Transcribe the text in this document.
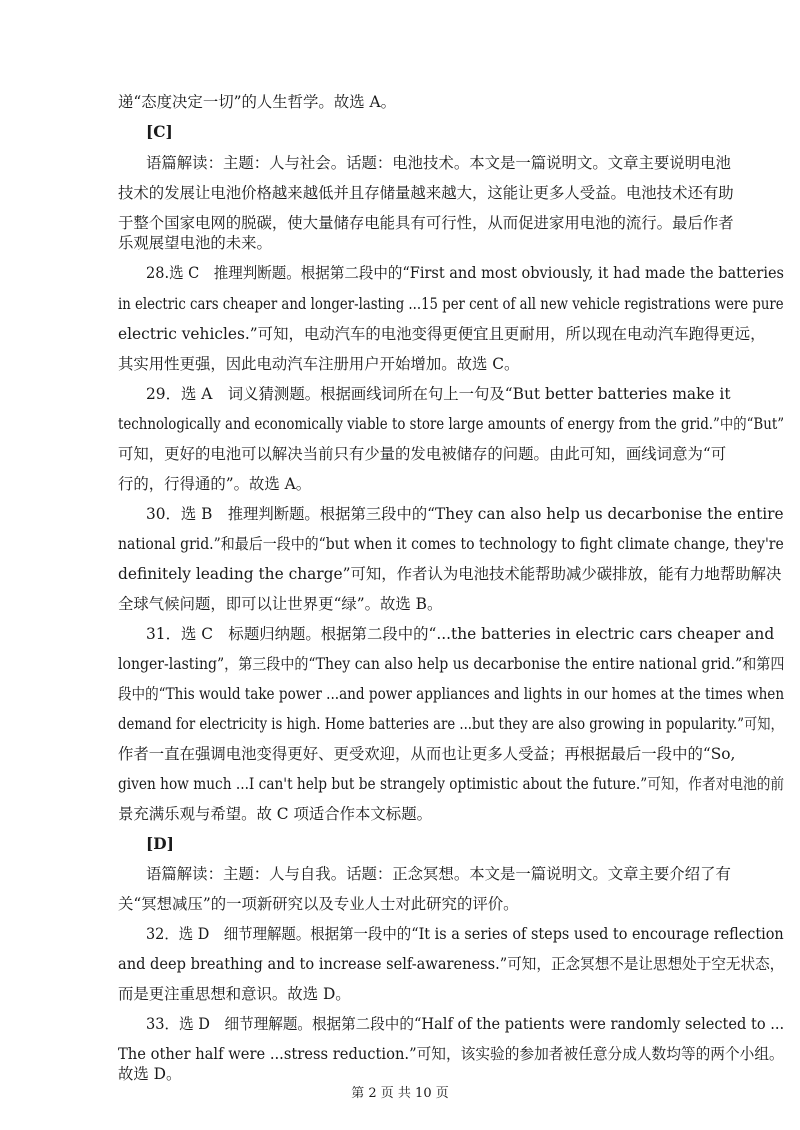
递“态度决定一切”的人生哲学。故选 A。
[C]
语篇解读：主题：人与社会。话题：电池技术。本文是一篇说明文。文章主要说明电池
技术的发展让电池价格越来越低并且存储量越来越大，这能让更多人受益。电池技术还有助
于整个国家电网的脱碳，使大量储存电能具有可行性，从而促进家用电池的流行。最后作者
乐观展望电池的未来。
28.选 C　推理判断题。根据第二段中的“First and most obviously, it had made the batteries
in electric cars cheaper and longer-lasting ...15 per cent of all new vehicle registrations were pure
electric vehicles.”可知，电动汽车的电池变得更便宜且更耐用，所以现在电动汽车跑得更远，
其实用性更强，因此电动汽车注册用户开始增加。故选 C。
29．选 A　词义猜测题。根据画线词所在句上一句及“But better batteries make it
technologically and economically viable to store large amounts of energy from the grid.”中的“But”
可知，更好的电池可以解决当前只有少量的发电被储存的问题。由此可知，画线词意为“可
行的，行得通的”。故选 A。
30．选 B　推理判断题。根据第三段中的“They can also help us decarbonise the entire
national grid.”和最后一段中的“but when it comes to technology to fight climate change, they're
definitely leading the charge”可知，作者认为电池技术能帮助减少碳排放，能有力地帮助解决
全球气候问题，即可以让世界更“绿”。故选 B。
31．选 C　标题归纳题。根据第二段中的“...the batteries in electric cars cheaper and
longer-lasting”，第三段中的“They can also help us decarbonise the entire national grid.”和第四
段中的“This would take power ...and power appliances and lights in our homes at the times when
demand for electricity is high. Home batteries are ...but they are also growing in popularity.”可知，
作者一直在强调电池变得更好、更受欢迎，从而也让更多人受益；再根据最后一段中的“So,
given how much ...I can't help but be strangely optimistic about the future.”可知，作者对电池的前
景充满乐观与希望。故 C 项适合作本文标题。
[D]
语篇解读：主题：人与自我。话题：正念冥想。本文是一篇说明文。文章主要介绍了有
关“冥想减压”的一项新研究以及专业人士对此研究的评价。
32．选 D　细节理解题。根据第一段中的“It is a series of steps used to encourage reflection
and deep breathing and to increase self-awareness.”可知，正念冥想不是让思想处于空无状态，
而是更注重思想和意识。故选 D。
33．选 D　细节理解题。根据第二段中的“Half of the patients were randomly selected to ...
The other half were ...stress reduction.”可知，该实验的参加者被任意分成人数均等的两个小组。
故选 D。
第 2 页 共 10 页
